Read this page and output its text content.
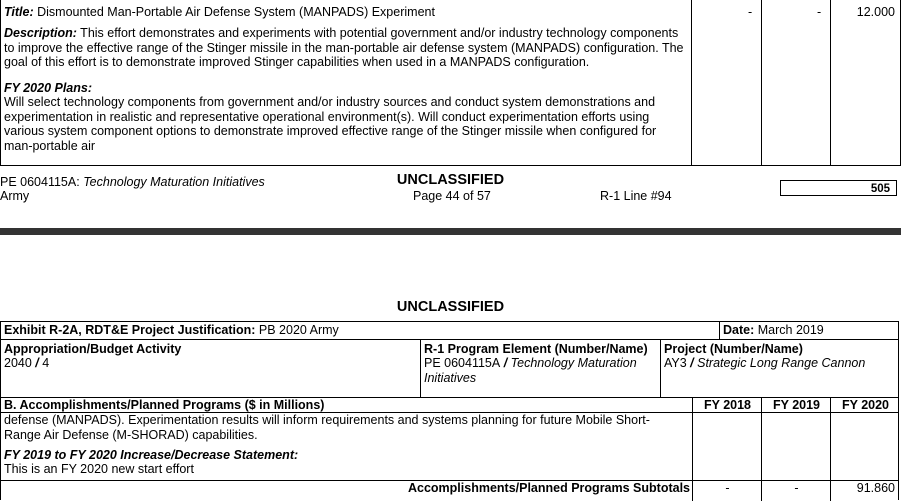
Title: Dismounted Man-Portable Air Defense System (MANPADS) Experiment	-	-	12.000
Description: This effort demonstrates and experiments with potential government and/or industry technology components to improve the effective range of the Stinger missile in the man-portable air defense system (MANPADS) configuration. The goal of this effort is to demonstrate improved Stinger capabilities when used in a MANPADS configuration.
FY 2020 Plans:
Will select technology components from government and/or industry sources and conduct system demonstrations and experimentation in realistic and representative operational environment(s). Will conduct experimentation efforts using various system component options to demonstrate improved effective range of the Stinger missile when configured for man-portable air
PE 0604115A: Technology Maturation Initiatives
Army
UNCLASSIFIED
Page 44 of 57	R-1 Line #94	505
UNCLASSIFIED
Exhibit R-2A, RDT&E Project Justification: PB 2020 Army	Date: March 2019
Appropriation/Budget Activity
2040 / 4
R-1 Program Element (Number/Name)
PE 0604115A / Technology Maturation Initiatives
Project (Number/Name)
AY3 / Strategic Long Range Cannon
B. Accomplishments/Planned Programs ($ in Millions)	FY 2018	FY 2019	FY 2020
defense (MANPADS). Experimentation results will inform requirements and systems planning for future Mobile Short-Range Air Defense (M-SHORAD) capabilities.
FY 2019 to FY 2020 Increase/Decrease Statement:
This is an FY 2020 new start effort
Accomplishments/Planned Programs Subtotals	-	-	91.860
